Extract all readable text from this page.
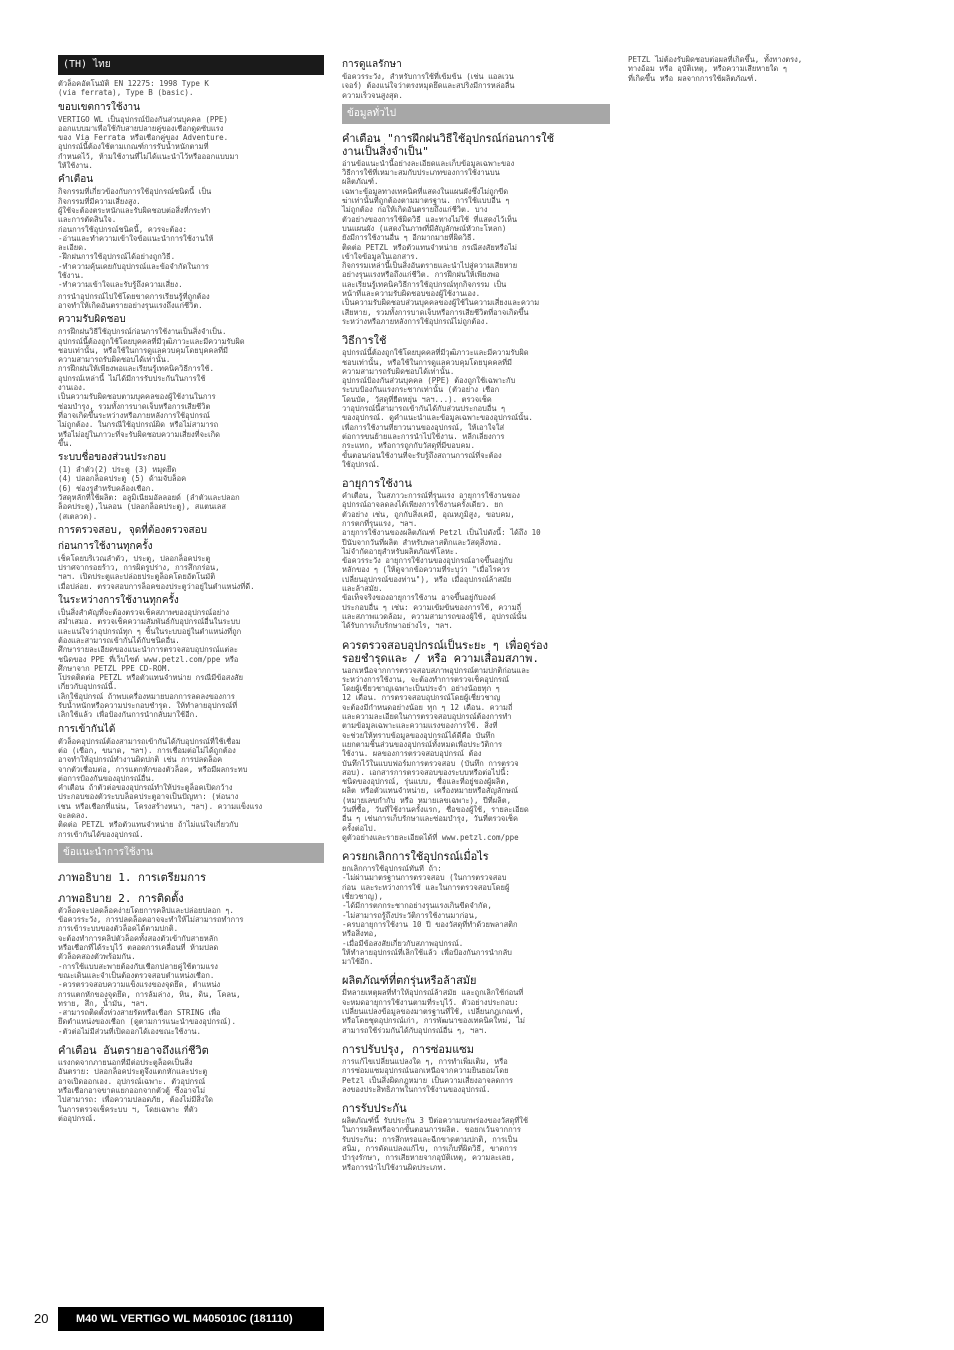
(TH) ไทย
ตัวล็อคอัตโนมัติ EN 12275: 1998 Type K
(via ferrata), Type B (basic).
ขอบเขตการใช้งาน
VERTIGO WL เป็นอุปกรณ์ป้องกันส่วนบุคคล (PPE)
ออกแบบมาเพื่อใช้กับสายปลายคู่ของเชือกดูดซับแรง
ของ Via Ferrata หรือเชือกคู่ของ Adventure.
อุปกรณ์นี้ต้องใช้ตามเกณฑ์การรับน้ำหนักตามที่
กำหนดไว้, ห้ามใช้งานที่ไม่ได้แนะนำไว้หรือออกแบบมา
ให้ใช้งาน.
คำเตือน
กิจกรรมที่เกี่ยวข้องกับการใช้อุปกรณ์ชนิดนี้ เป็น
กิจกรรมที่มีความเสี่ยงสูง.
ผู้ใช้จะต้องตระหนักและรับผิดชอบต่อสิ่งที่กระทำ
และการตัดสินใจ.
ก่อนการใช้อุปกรณ์ชนิดนี้, ควรจะต้อง:
-อ่านและทำความเข้าใจข้อแนะนำการใช้งานให้
ละเอียด.
-ฝึกฝนการใช้อุปกรณ์ได้อย่างถูกวิธี.
-ทำความคุ้นเคยกับอุปกรณ์และข้อจำกัดในการ
ใช้งาน.
-ทำความเข้าใจและรับรู้ถึงความเสี่ยง.
การนำอุปกรณ์ไปใช้โดยขาดการเรียนรู้ที่ถูกต้อง
อาจทำให้เกิดอันตรายอย่างรุนแรงถึงแก่ชีวิต.
ความรับผิดชอบ
การฝึกฝนวิธีใช้อุปกรณ์ก่อนการใช้งานเป็นสิ่งจำเป็น.
อุปกรณ์นี้ต้องถูกใช้โดยบุคคลที่มีวุฒิภาวะและมีความรับผิด
ชอบเท่านั้น, หรือใช้ในการดูแลควบคุมโดยบุคคลที่มี
ความสามารถรับผิดชอบได้เท่านั้น.
การฝึกฝนให้เพียงพอและเรียนรู้เทคนิควิธีการใช้.
อุปกรณ์เหล่านี้ ไม่ได้มีการรับประกันในการใช้
งานเอง.
เป็นความรับผิดชอบตามบุคคลของผู้ใช้งานในการ
ซ่อมบำรุง, รวมทั้งการบาดเจ็บหรือการเสียชีวิต
ที่อาจเกิดขึ้นระหว่างหรือภายหลังการใช้อุปกรณ์
ไม่ถูกต้อง. ในกรณีใช้อุปกรณ์ผิด หรือไม่สามารถ
หรือไม่อยู่ในภาวะที่จะรับผิดชอบความเสี่ยงที่จะเกิด
ขึ้น.
ระบบชื่อของส่วนประกอบ
(1) ลำตัว(2) ประตู (3) หมุดยึด
(4) ปลอกล็อคประตู (5) ด้ามจับล็อค
(6) ช่องรูสำหรับคล้องเชือก.
วัสดุหลักที่ใช้ผลิต: อลูมิเนียมอัลลอยด์ (ลำตัวและปลอก
ล็อคประตู),ไนลอน (ปลอกล็อคประตู), สแตนเลส
(สเตลวด).
การตรวจสอบ, จุดที่ต้องตรวจสอบ
ก่อนการใช้งานทุกครั้ง
เช็คโดยบริเวณลำตัว, ประตู, ปลอกล็อคประตู
ปราศจากรอยร้าว, การผิดรูปร่าง, การสึกกร่อน,
ฯลฯ. เปิดประตูและปล่อยประตูล็อคโดยอัตโนมัติ
เมื่อปล่อย. ตรวจสอบการล็อคของประตูว่าอยู่ในตำแหน่งที่ดี.
ในระหว่างการใช้งานทุกครั้ง
เป็นสิ่งสำคัญที่จะต้องตรวจเช็คสภาพของอุปกรณ์อย่าง
สม่ำเสมอ. ตรวจเช็คความสัมพันธ์กับอุปกรณ์อื่นในระบบ
และแน่ใจว่าอุปกรณ์ทุก ๆ ชิ้นในระบบอยู่ในตำแหน่งที่ถูก
ต้องและสามารถเข้ากันได้กับชนิดอื่น.
ศึกษารายละเอียดของแนะนำการตรวจสอบอุปกรณ์แต่ละ
ชนิดของ PPE ที่เว็บไซต์ www.petzl.com/ppe หรือ
ศึกษาจาก PETZL PPE CD-ROM.
โปรดติดต่อ PETZL หรือตัวแทนจำหน่าย กรณีมีข้อสงสัย
เกี่ยวกับอุปกรณ์นี้.
เลิกใช้อุปกรณ์ ถ้าพบเครื่องหมายบอกการลดลงของการ
รับน้ำหนักหรือความประกอบชำรุด. ให้ทำลายอุปกรณ์ที่
เลิกใช้แล้ว เพื่อป้องกันการนำกลับมาใช้อีก.
การเข้ากันได้
ตัวล็อคอุปกรณ์ต้องสามารถเข้ากันได้กับอุปกรณ์ที่ใช้เชื่อม
ต่อ (เชือก, ขนาด, ฯลฯ). การเชื่อมต่อไม่ได้ถูกต้อง
อาจทำให้อุปกรณ์ทำงานผิดปกติ เช่น การปลดล็อค
จากตัวเชื่อมต่อ, การแตกหักของตัวล็อค, หรือมีผลกระทบ
ต่อการป้องกันของอุปกรณ์อื่น.
คำเตือน ถ้าตัวต่อของอุปกรณ์ทำให้ประตูล็อคเปิดกว้าง
ประกอบของตัวระบบล็อคประตูอาจเป็นปัญหา: (ห่อนาง
เชน หรือเชือกที่แน่น, โครงสร้างหนา, ฯลฯ). ความแข็งแรง
จะลดลง.
ติดต่อ PETZL หรือตัวแทนจำหน่าย ถ้าไม่แน่ใจเกี่ยวกับ
การเข้ากันได้ของอุปกรณ์.
ข้อแนะนำการใช้งาน
ภาพอธิบาย 1. การเตรียมการ
ภาพอธิบาย 2. การติดตั้ง
ตัวล็อคจะปลดล็อคง่ายโดยการคลิปและปล่อยปลอก ๆ.
ข้อควรระวัง, การปลดล็อคอาจจะทำให้ไม่สามารถทำการ
การเข้าระบบของตัวล็อคได้ตามปกติ.
จะต้องทำการคลิปตัวล็อคทั้งสองตัวเข้ากับสายหลัก
หรือเชือกที่ได้ระบุไว้ ตลอดการเคลื่อนที่ ห้ามปลด
ตัวล็อคสองตัวพร้อมกัน.
-การใช้แบบสะพายต้องกับเชือกปลายคู่ใช้ตามแรง
ขณะเดินและจำเป็นต้องตรวจสอบตำแหน่งเชือก.
-ควรตรวจสอบความแข็งแรงของจุดยึด, ตำแหน่ง
การแตกหักของจุดยึด, การล้มล่าง, หิน, ดิน, โคลน,
ทราย, สึก, น้ำมัน, ฯลฯ.
-สามารถติดตั้งห่วงสายรัดหรือเชือก STRING เพื่อ
ยึดตำแหน่งของเชือก (ดูตามการแนะนำของอุปกรณ์).
-ตัวต่อไม่มีส่วนที่เปิดออกได้เองขณะใช้งาน.
คำเตือน อันตรายอาจถึงแก่ชีวิต
แรงกดจากภายนอกที่มีต่อประตูล็อคเป็นสิ่ง
อันตราย: ปลอกล็อคประตูจึงแตกหักและประตู
อาจเปิดออกเอง. อุปกรณ์เฉพาะ. ตัวอุปกรณ์
หรือเชือกอาจขาดแยกออกจากตัวตู้ ซึ่งอาจไม่
ไปสามารถ: เพื่อความปลอดภัย, ต้องไม่มีสิ่งใด
ในการตรวจเช็คระบบ ฯ, โดยเฉพาะ ที่ตัว
ต่ออุปกรณ์.
การดูแลรักษา
ข้อควรระวัง, สำหรับการใช้ที่เข้มข้น (เช่น แอลเวน
เจอร์) ต้องแน่ใจว่าตรงหมุดยึดและสปริงมีการหล่อลื่น
ความเร็วจนสูงสุด.
ข้อมูลทั่วไป
คำเตือน "การฝึกฝนวิธีใช้อุปกรณ์ก่อนการใช้
งานเป็นสิ่งจำเป็น"
อ่านข้อแนะนำนี้อย่างละเอียดและเก็บข้อมูลเฉพาะของ
วิธีการใช้ที่เหมาะสมกับประเภทของการใช้งานบน
ผลิตภัณฑ์.
เฉพาะข้อมูลทางเทคนิคที่แสดงในแผนผังซึ่งไม่ถูกขีด
ฆ่าเท่านั้นที่ถูกต้องตามมาตรฐาน. การใช้แบบอื่น ๆ
ไม่ถูกต้อง ก่อให้เกิดอันตรายถึงแก่ชีวิต. บาง
ตัวอย่างของการใช้ผิดวิธี และทางไม่ใช้ ที่แสดงไว้เห็น
บนแผนผัง (แสดงในภาพที่มีสัญลักษณ์หัวกะโหลก)
ยังมีการใช้งานอื่น ๆ อีกมากมายที่ผิดวิธี.
ติดต่อ PETZL หรือตัวแทนจำหน่าย กรณีสงสัยหรือไม่
เข้าใจข้อมูลในเอกสาร.
กิจกรรมเหล่านี้เป็นสิ่งอันตรายและนำไปสู่ความเสียหาย
อย่างรุนแรงหรือถึงแก่ชีวิต. การฝึกฝนให้เพียงพอ
และเรียนรู้เทคนิควิธีการใช้อุปกรณ์ทุกกิจกรรม เป็น
หน้าที่และความรับผิดชอบของผู้ใช้งานเอง.
เป็นความรับผิดชอบส่วนบุคคลของผู้ใช้ในความเสี่ยงและความ
เสียหาย, รวมทั้งการบาดเจ็บหรือการเสียชีวิตที่อาจเกิดขึ้น
ระหว่างหรือภายหลังการใช้อุปกรณ์ไม่ถูกต้อง.
วิธีการใช้
อุปกรณ์นี้ต้องถูกใช้โดยบุคคลที่มีวุฒิภาวะและมีความรับผิด
ชอบเท่านั้น, หรือใช้ในการดูแลควบคุมโดยบุคคลที่มี
ความสามารถรับผิดชอบได้เท่านั้น.
อุปกรณ์ป้องกันส่วนบุคคล (PPE) ต้องถูกใช้เฉพาะกับ
ระบบป้องกันแรงกระชากเท่านั้น (ตัวอย่าง เชือก
โดนบัด, วัสดุที่ยืดหยุ่น ฯลฯ...). ตรวจเช็ค
วาอุปกรณ์นี้สามารถเข้ากันได้กับส่วนประกอบอื่น ๆ
ของอุปกรณ์. ดูคำแนะนำและข้อมูลเฉพาะของอุปกรณ์นั้น.
เพื่อการใช้งานที่ยาวนานของอุปกรณ์, ให้เอาใจใส่
ต่อการขนย้ายและการนำไปใช้งาน. หลีกเลี่ยงการ
กระแทก, หรือการถูกกับวัสดุที่มีขอบคม.
ขั้นตอนก่อนใช้งานที่จะรับรู้ถึงสถานการณ์ที่จะต้อง
ใช้อุปกรณ์.
อายุการใช้งาน
คำเตือน, ในสภาวะการณ์ที่รุนแรง อายุการใช้งานของ
อุปกรณ์อาจลดลงได้เพียงการใช้งานครั้งเดียว. ยก
ตัวอย่าง เช่น, ถูกกับสิ่งเคมี, อุณหภูมิสูง, ขอบคม,
การตกที่รุนแรง, ฯลฯ.
อายุการใช้งานของผลิตภัณฑ์ Petzl เป็นไปดังนี้: ได้ถึง 10
ปีนับจากวันที่ผลิต สำหรับพลาสติกและวัสดุสิ่งทอ.
ไม่จำกัดอายุสำหรับผลิตภัณฑ์โลหะ.
ข้อควรระวัง อายุการใช้งานของอุปกรณ์อาจขึ้นอยู่กับ
หลักของ ๆ (ให้ดูจากข้อความที่ระบุว่า "เมื่อไรควร
เปลี่ยนอุปกรณ์ของท่าน"), หรือ เมื่ออุปกรณ์ล้าสมัย
และล้าสมัย.
ข้อเท็จจริงของอายุการใช้งาน อาจขึ้นอยู่กับองค์
ประกอบอื่น ๆ เช่น: ความเข้มข้นของการใช้, ความถี่
และสภาพแวดล้อม, ความสามารถของผู้ใช้, อุปกรณ์นั้น
ได้รับการเก็บรักษาอย่างไร, ฯลฯ.
ควรตรวจสอบอุปกรณ์เป็นระยะ ๆ เพื่อดูร่อง
รอยชำรุดและ / หรือ ความเสื่อมสภาพ.
นอกเหนือจากการตรวจสอบสภาพอุปกรณ์ตามปกติก่อนและ
ระหว่างการใช้งาน, จะต้องทำการตรวจเช็คอุปกรณ์
โดยผู้เชี่ยวชาญเฉพาะเป็นประจำ อย่างน้อยทุก ๆ
12 เดือน. การตรวจสอบอุปกรณ์โดยผู้เชี่ยวชาญ
จะต้องมีกำหนดอย่างน้อย ทุก ๆ 12 เดือน. ความถี่
และความละเอียดในการตรวจสอบอุปกรณ์ต้องการทำ
ตามข้อมูลเฉพาะและความแรงของการใช้. สิ่งที่
จะช่วยให้ทราบข้อมูลของอุปกรณ์ได้ดีคือ บันทึก
แยกตามชิ้นส่วนของอุปกรณ์ทั้งหมดเพื่อประวัติการ
ใช้งาน. ผลของการตรวจสอบอุปกรณ์ ต้อง
บันทึกไว้ในแบบฟอร์มการตรวจสอบ (บันทึก การตรวจ
สอบ). เอกสารการตรวจสอบของระบบหรือต่อไปนี้:
ชนิดของอุปกรณ์, รุ่นแบบ, ชื่อและที่อยู่ของผู้ผลิต,
ผลิต หรือตัวแทนจำหน่าย, เครื่องหมายหรือสัญลักษณ์
(หมายเลขกำกับ หรือ หมายเลขเฉพาะ), ปีที่ผลิต,
วันที่ซื้อ, วันที่ใช้งานครั้งแรก, ชื่อของผู้ใช้, รายละเอียด
อื่น ๆ เช่นการเก็บรักษาและซ่อมบำรุง, วันที่ตรวจเช็ค
ครั้งต่อไป.
ดูตัวอย่างและรายละเอียดได้ที่ www.petzl.com/ppe
ควรยกเลิกการใช้อุปกรณ์เมื่อไร
ยกเลิกการใช้อุปกรณ์ทันที ถ้า:
-ไม่ผ่านมาตรฐานการตรวจสอบ (ในการตรวจสอบ
ก่อน และระหว่างการใช้ และในการตรวจสอบโดยผู้
เชี่ยวชาญ),
-ได้มีการตกกระชากอย่างรุนแรงเกินขีดจำกัด,
-ไม่สามารถรู้ถึงประวัติการใช้งานมาก่อน,
-ครบอายุการใช้งาน 10 ปี ของวัสดุที่ทำด้วยพลาสติก
หรือสิ่งทอ,
-เมื่อมีข้อสงสัยเกี่ยวกับสภาพอุปกรณ์.
ให้ทำลายอุปกรณ์ที่เลิกใช้แล้ว เพื่อป้องกันการนำกลับ
มาใช้อีก.
ผลิตภัณฑ์ที่ตกรุ่นหรือล้าสมัย
มีหลายเหตุผลที่ทำให้อุปกรณ์ล้าสมัย และถูกเลิกใช้ก่อนที่
จะหมดอายุการใช้งานตามที่ระบุไว้. ตัวอย่างประกอบ:
เปลี่ยนแปลงข้อมูลของมาตรฐานที่ใช้, เปลี่ยนกฎเกณฑ์,
หรือโดยชุดอุปกรณ์เก่า, การพัฒนาของเทคนิคใหม่, ไม่
สามารถใช้ร่วมกันได้กับอุปกรณ์อื่น ๆ, ฯลฯ.
การปรับปรุง, การซ่อมแซม
การแก้ไขเปลี่ยนแปลงใด ๆ, การทำเพิ่มเติม, หรือ
การซ่อมแซมอุปกรณ์นอกเหนือจากความยินยอมโดย
Petzl เป็นสิ่งผิดกฎหมาย เป็นความเสี่ยงอาจลดการ
ลงของประสิทธิภาพในการใช้งานของอุปกรณ์.
การรับประกัน
ผลิตภัณฑ์นี้ รับประกัน 3 ปีต่อความบกพร่องของวัสดุที่ใช้
ในการผลิตหรือจากขั้นตอนการผลิต. ขอยกเว้นจากการ
รับประกัน: การสึกหรอและฉีกขาดตามปกติ, การเป็น
สนิม, การดัดแปลงแก้ไข, การเก็บที่ผิดวิธี, ขาดการ
บำรุงรักษา, การเสียหายจากอุบัติเหตุ, ความละเลย,
หรือการนำไปใช้งานผิดประเภท.
PETZL ไม่ต้องรับผิดชอบต่อผลที่เกิดขึ้น, ทั้งทางตรง,
ทางอ้อม หรือ อุบัติเหตุ, หรือความเสียหายใด ๆ
ที่เกิดขึ้น หรือ ผลจากการใช้ผลิตภัณฑ์.
20	M40 WL VERTIGO WL M405010C (181110)
